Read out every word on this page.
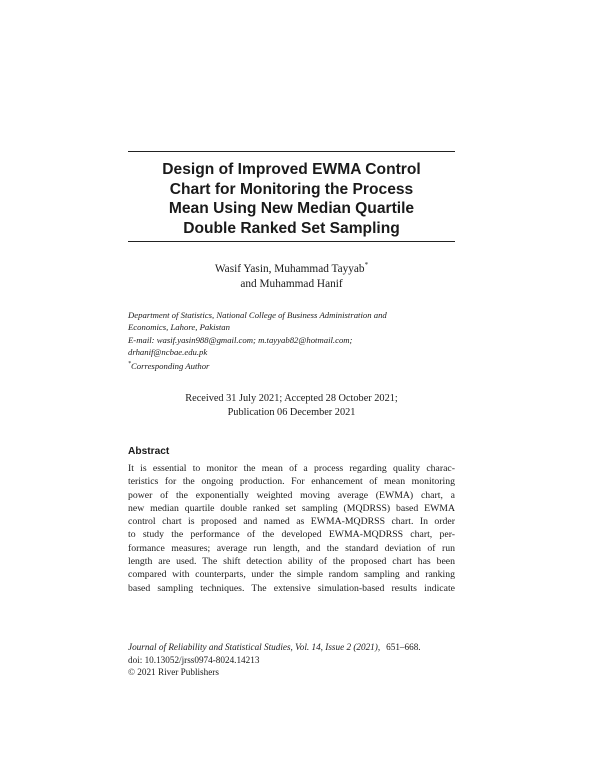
Design of Improved EWMA Control
Chart for Monitoring the Process
Mean Using New Median Quartile
Double Ranked Set Sampling
Wasif Yasin, Muhammad Tayyab*
and Muhammad Hanif
Department of Statistics, National College of Business Administration and
Economics, Lahore, Pakistan
E-mail: wasif.yasin988@gmail.com; m.tayyab82@hotmail.com;
drhanif@ncbae.edu.pk
*Corresponding Author
Received 31 July 2021; Accepted 28 October 2021;
Publication 06 December 2021
Abstract
It is essential to monitor the mean of a process regarding quality charac-
teristics for the ongoing production. For enhancement of mean monitoring
power of the exponentially weighted moving average (EWMA) chart, a
new median quartile double ranked set sampling (MQDRSS) based EWMA
control chart is proposed and named as EWMA-MQDRSS chart. In order
to study the performance of the developed EWMA-MQDRSS chart, per-
formance measures; average run length, and the standard deviation of run
length are used. The shift detection ability of the proposed chart has been
compared with counterparts, under the simple random sampling and ranking
based sampling techniques. The extensive simulation-based results indicate
Journal of Reliability and Statistical Studies, Vol. 14, Issue 2 (2021), 651–668.
doi: 10.13052/jrss0974-8024.14213
© 2021 River Publishers
